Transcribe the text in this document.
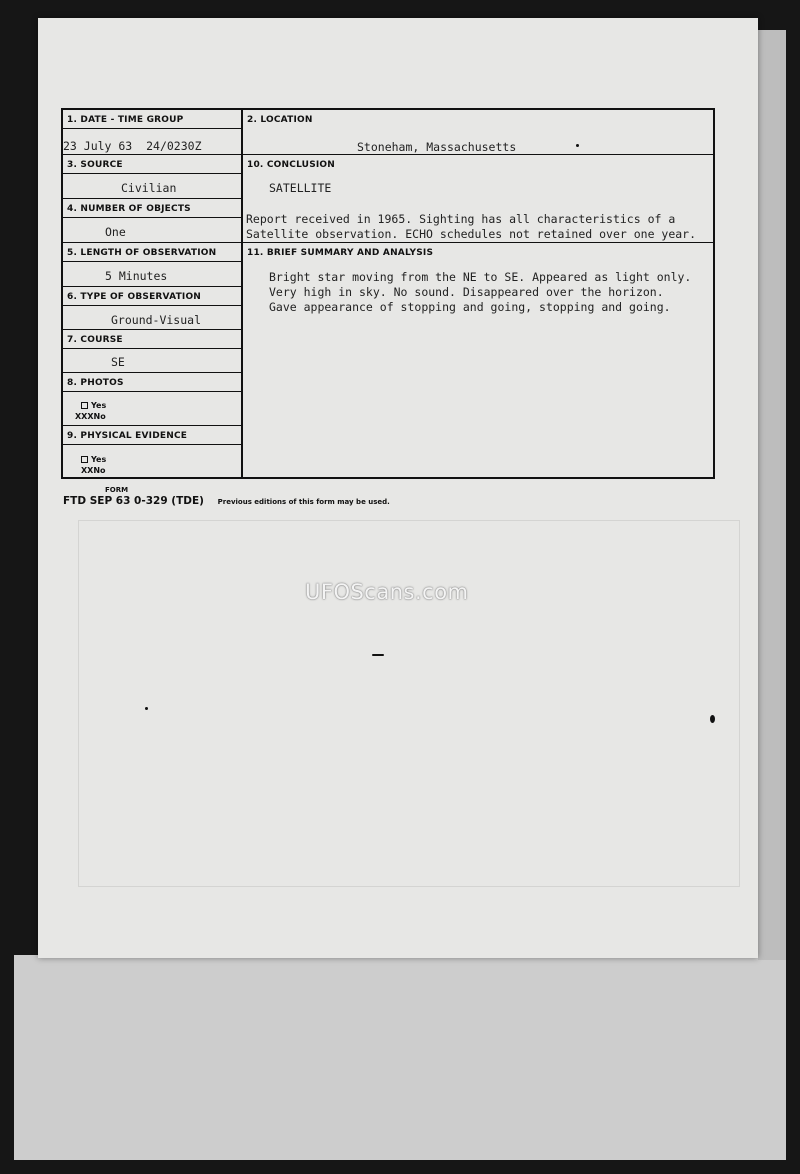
1. DATE - TIME GROUP
23 July 63 24/0230Z
3. SOURCE
Civilian
4. NUMBER OF OBJECTS
One
5. LENGTH OF OBSERVATION
5 Minutes
6. TYPE OF OBSERVATION
Ground-Visual
7. COURSE
SE
8. PHOTOS
Yes
XXXNo
9. PHYSICAL EVIDENCE
Yes
XXNo
2. LOCATION
Stoneham, Massachusetts
10. CONCLUSION
SATELLITE
Report received in 1965. Sighting has all characteristics of a
Satellite observation. ECHO schedules not retained over one year.
11. BRIEF SUMMARY AND ANALYSIS
Bright star moving from the NE to SE. Appeared as light only.
Very high in sky. No sound. Disappeared over the horizon.
Gave appearance of stopping and going, stopping and going.
FORM
FTD SEP 63 0-329 (TDE) Previous editions of this form may be used.
UFOScans.com
